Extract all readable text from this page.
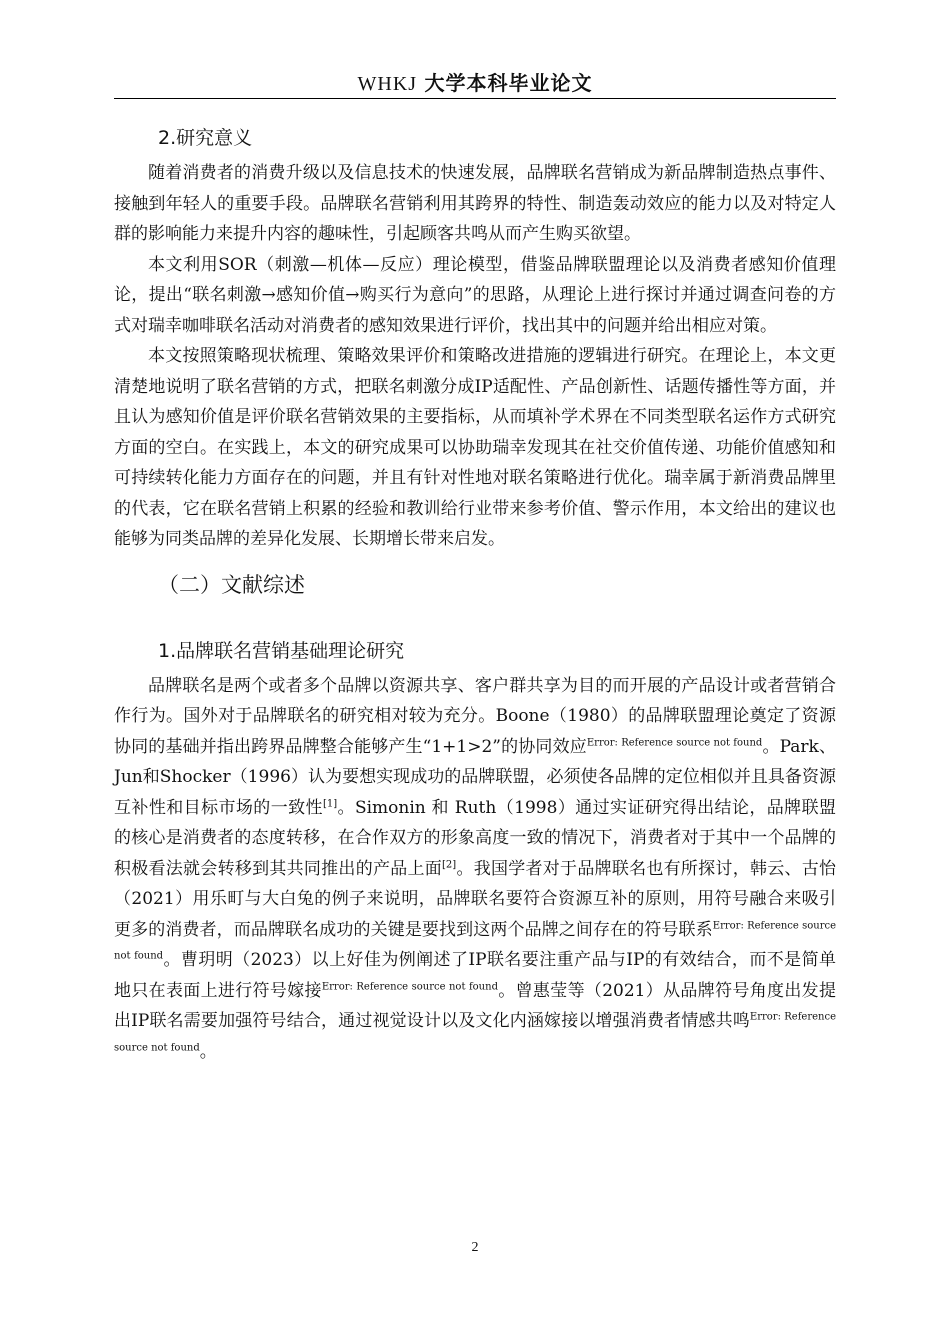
WHKJ 大学本科毕业论文
2.研究意义

随着消费者的消费升级以及信息技术的快速发展，品牌联名营销成为新品牌制造热点事件、接触到年轻人的重要手段。品牌联名营销利用其跨界的特性、制造轰动效应的能力以及对特定人群的影响能力来提升内容的趣味性，引起顾客共鸣从而产生购买欲望。

本文利用SOR（刺激—机体—反应）理论模型，借鉴品牌联盟理论以及消费者感知价值理论，提出“联名刺激→感知价值→购买行为意向”的思路，从理论上进行探讨并通过调查问卷的方式对瑞幸咖啡联名活动对消费者的感知效果进行评价，找出其中的问题并给出相应对策。

本文按照策略现状梳理、策略效果评价和策略改进措施的逻辑进行研究。在理论上，本文更清楚地说明了联名营销的方式，把联名刺激分成IP适配性、产品创新性、话题传播性等方面，并且认为感知价值是评价联名营销效果的主要指标，从而填补学术界在不同类型联名运作方式研究方面的空白。在实践上，本文的研究成果可以协助瑞幸发现其在社交价值传递、功能价值感知和可持续转化能力方面存在的问题，并且有针对性地对联名策略进行优化。瑞幸属于新消费品牌里的代表，它在联名营销上积累的经验和教训给行业带来参考价值、警示作用，本文给出的建议也能够为同类品牌的差异化发展、长期增长带来启发。

（二）文献综述
1.品牌联名营销基础理论研究

品牌联名是两个或者多个品牌以资源共享、客户群共享为目的而开展的产品设计或者营销合作行为。国外对于品牌联名的研究相对较为充分。Boone（1980）的品牌联盟理论奠定了资源协同的基础并指出跨界品牌整合能够产生“1+1>2”的协同效应$^{Error: Reference source not found}$。Park、Jun和Shocker（1996）认为要想实现成功的品牌联盟，必须使各品牌的定位相似并且具备资源互补性和目标市场的一致性[1]。Simonin 和 Ruth（1998）通过实证研究得出结论，品牌联盟的核心是消费者的态度转移，在合作双方的形象高度一致的情况下，消费者对于其中一个品牌的积极看法就会转移到其共同推出的产品上面[2]。我国学者对于品牌联名也有所探讨，韩云、古怡（2021）用乐町与大白兔的例子来说明，品牌联名要符合资源互补的原则，用符号融合来吸引更多的消费者，而品牌联名成功的关键是要找到这两个品牌之间存在的符号联系$^{Error: Reference source not found}$。曹玥明（2023）以上好佳为例阐述了IP联名要注重产品与IP的有效结合，而不是简单地只在表面上进行符号嫁接$^{Error: Reference source not found}$。曾惠莹等（2021）从品牌符号角度出发提出IP联名需要加强符号结合，通过视觉设计以及文化内涵嫁接以增强消费者情感共鸣$^{Error: Reference source not found}$。

2
